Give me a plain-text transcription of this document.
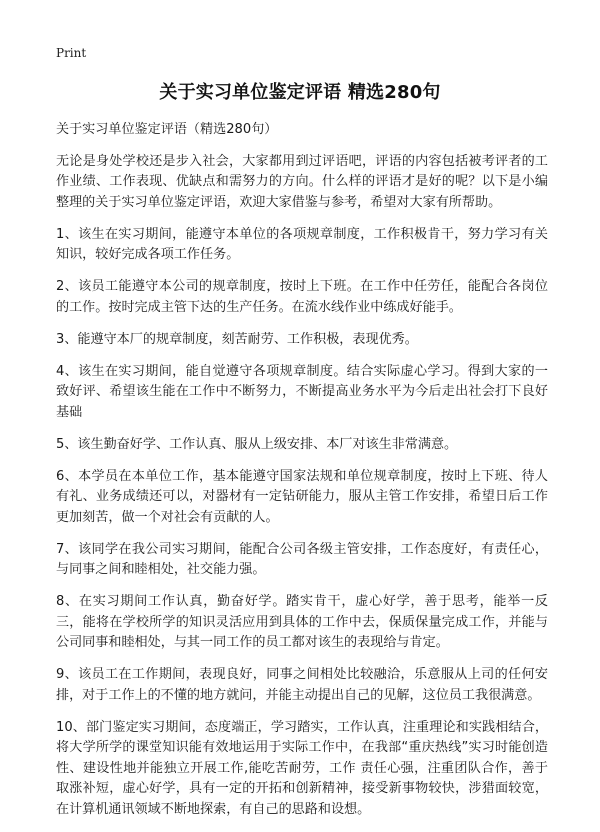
Print
关于实习单位鉴定评语 精选280句

关于实习单位鉴定评语（精选280句）

无论是身处学校还是步入社会，大家都用到过评语吧，评语的内容包括被考评者的工作业绩、工作表现、优缺点和需努力的方向。什么样的评语才是好的呢？以下是小编整理的关于实习单位鉴定评语，欢迎大家借鉴与参考，希望对大家有所帮助。

1、该生在实习期间，能遵守本单位的各项规章制度，工作积极肯干，努力学习有关知识，较好完成各项工作任务。

2、该员工能遵守本公司的规章制度，按时上下班。在工作中任劳任，能配合各岗位的工作。按时完成主管下达的生产任务。在流水线作业中练成好能手。

3、能遵守本厂的规章制度，刻苦耐劳、工作积极，表现优秀。

4、该生在实习期间，能自觉遵守各项规章制度。结合实际虚心学习。得到大家的一致好评、希望该生能在工作中不断努力，不断提高业务水平为今后走出社会打下良好基础

5、该生勤奋好学、工作认真、服从上级安排、本厂对该生非常满意。

6、本学员在本单位工作，基本能遵守国家法规和单位规章制度，按时上下班、待人有礼、业务成绩还可以，对器材有一定钻研能力，服从主管工作安排，希望日后工作更加刻苦，做一个对社会有贡献的人。

7、该同学在我公司实习期间，能配合公司各级主管安排，工作态度好，有责任心，与同事之间和睦相处，社交能力强。

8、在实习期间工作认真，勤奋好学。踏实肯干，虚心好学，善于思考，能举一反三，能将在学校所学的知识灵活应用到具体的工作中去，保质保量完成工作，并能与公司同事和睦相处，与其一同工作的员工都对该生的表现给与肯定。

9、该员工在工作期间，表现良好，同事之间相处比较融洽，乐意服从上司的任何安排，对于工作上的不懂的地方就问，并能主动提出自己的见解，这位员工我很满意。

10、部门鉴定实习期间，态度端正，学习踏实，工作认真，注重理论和实践相结合，将大学所学的课堂知识能有效地运用于实际工作中，在我部“重庆热线”实习时能创造性、建设性地并能独立开展工作,能吃苦耐劳，工作 责任心强，注重团队合作，善于取涨补短，虚心好学，具有一定的开拓和创新精神，接受新事物较快，涉猎面较宽，在计算机通讯领域不断地探索，有自己的思路和设想。
